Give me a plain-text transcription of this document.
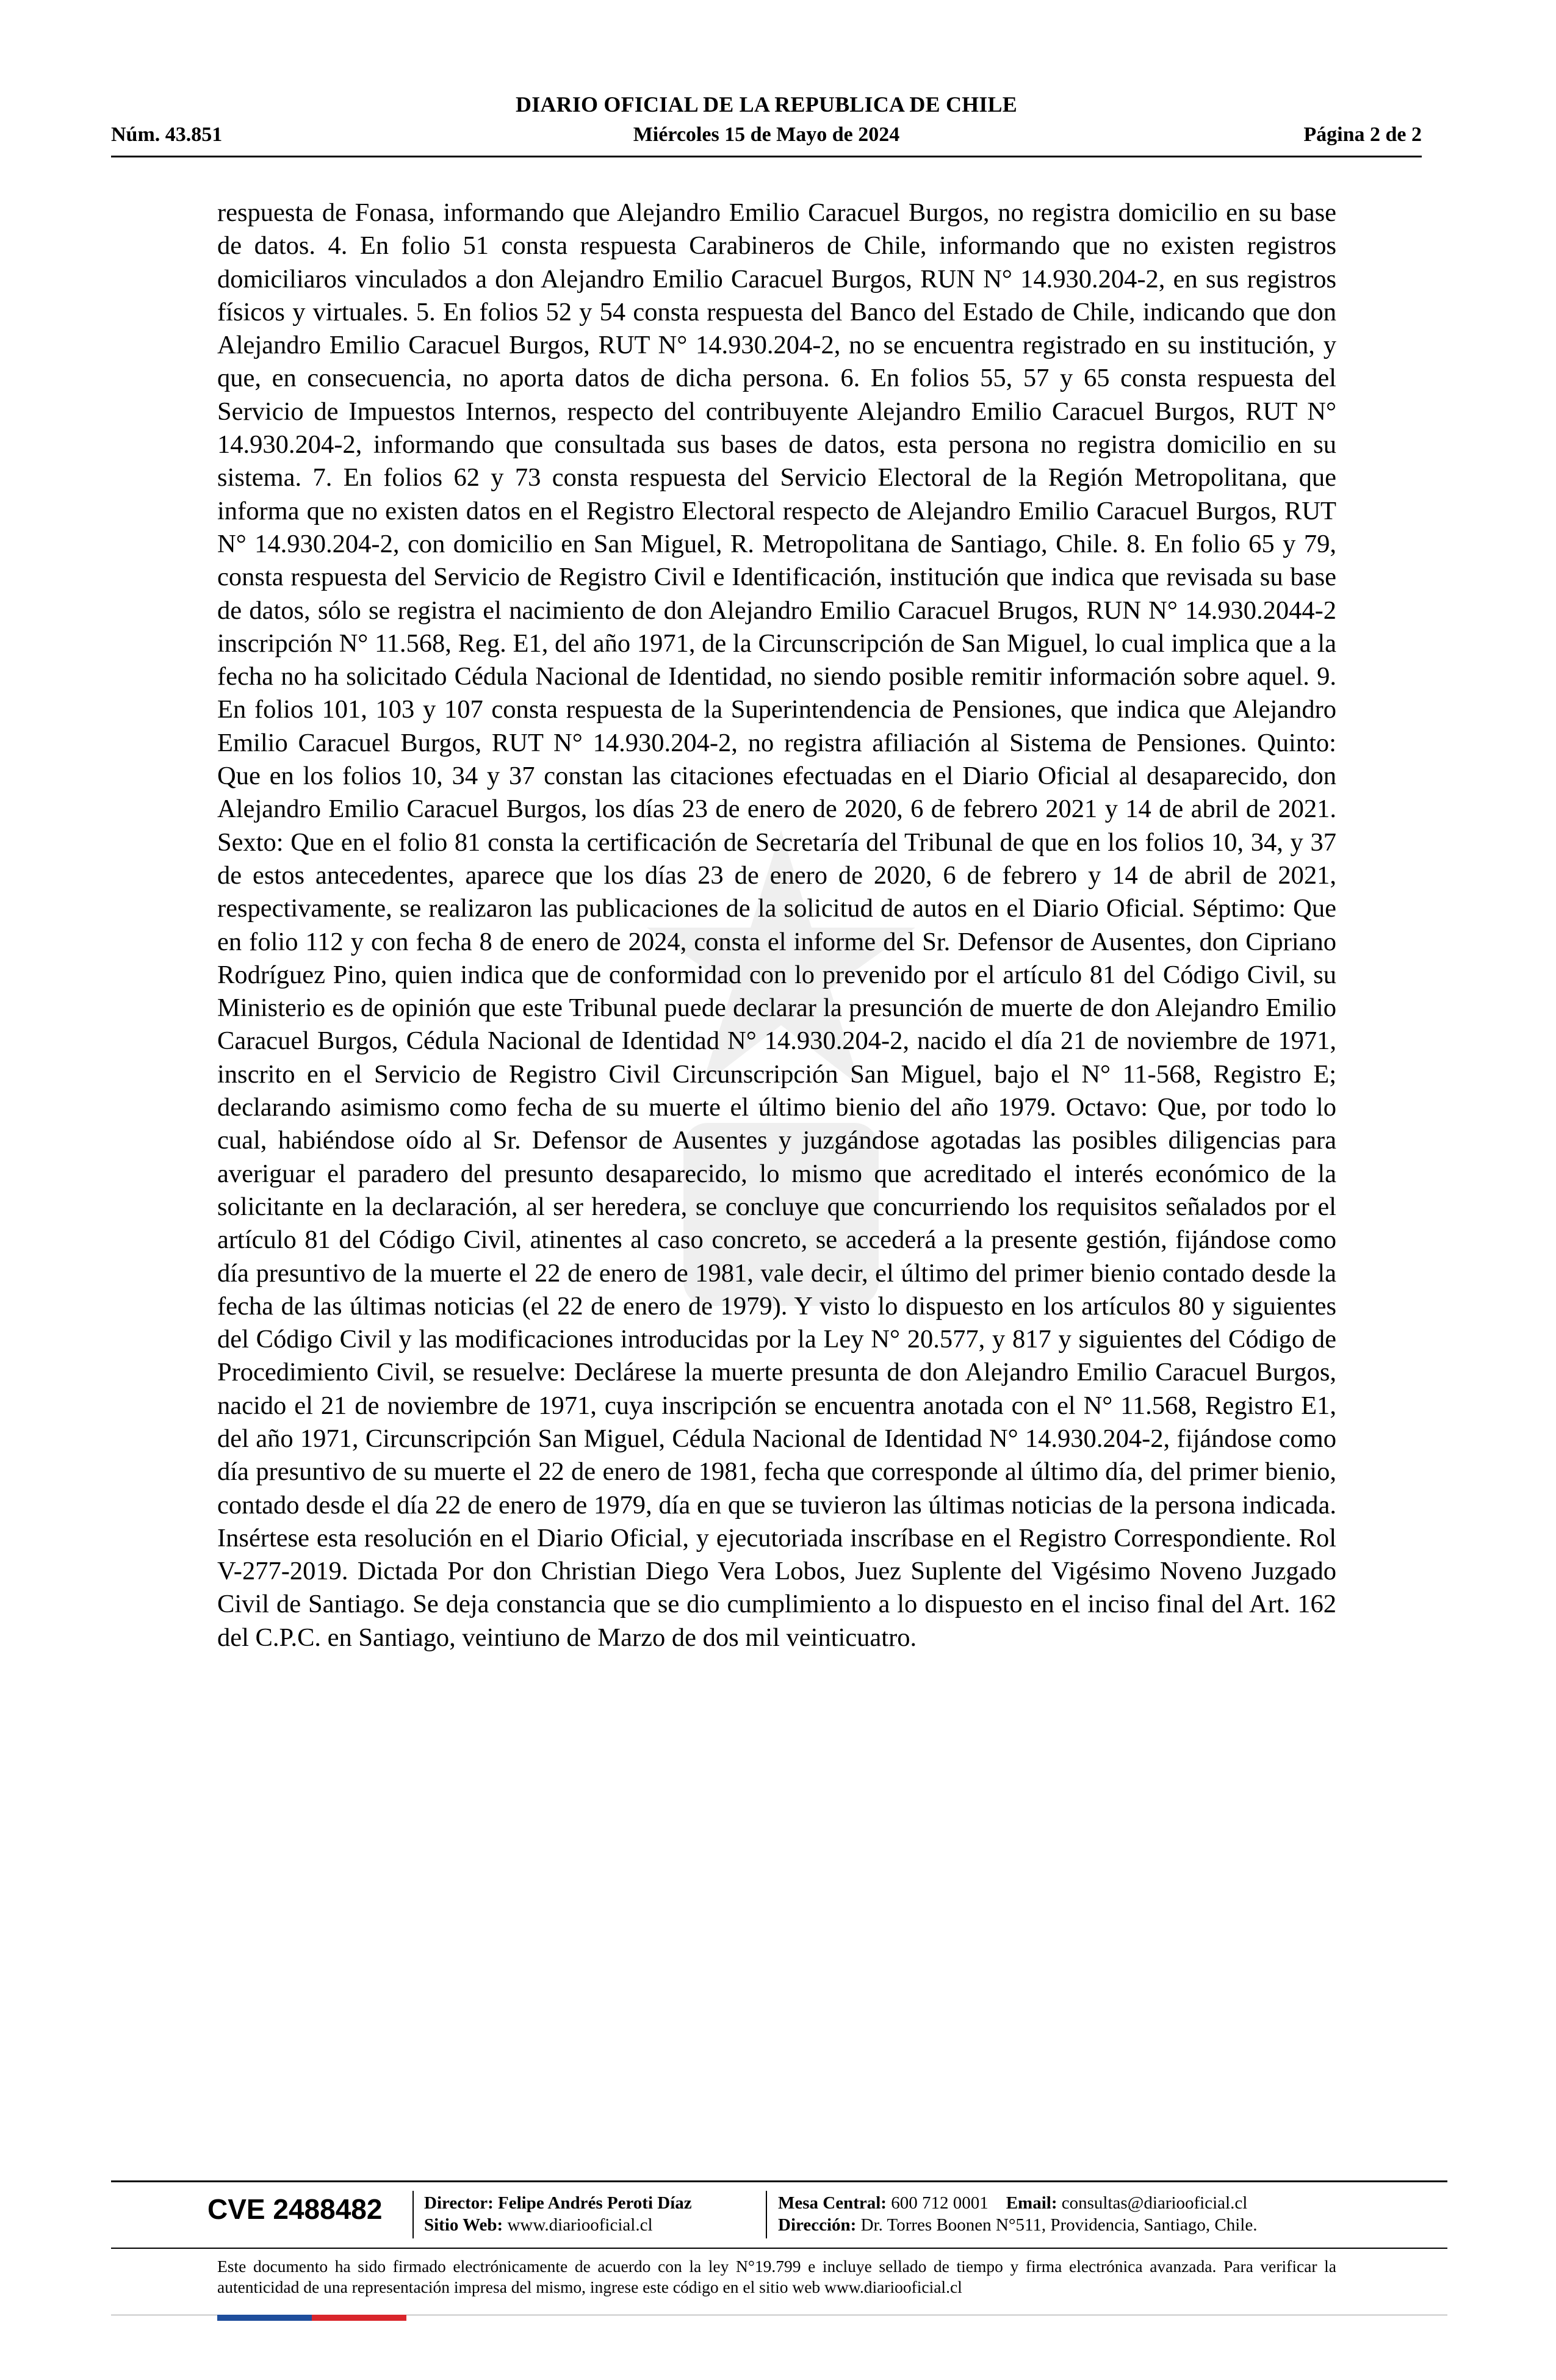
DIARIO OFICIAL DE LA REPUBLICA DE CHILE
Núm. 43.851	Miércoles 15 de Mayo de 2024	Página 2 de 2

respuesta de Fonasa, informando que Alejandro Emilio Caracuel Burgos, no registra domicilio en su base de datos. 4. En folio 51 consta respuesta Carabineros de Chile, informando que no existen registros domiciliaros vinculados a don Alejandro Emilio Caracuel Burgos, RUN N° 14.930.204-2, en sus registros físicos y virtuales. 5. En folios 52 y 54 consta respuesta del Banco del Estado de Chile, indicando que don Alejandro Emilio Caracuel Burgos, RUT N° 14.930.204-2, no se encuentra registrado en su institución, y que, en consecuencia, no aporta datos de dicha persona. 6. En folios 55, 57 y 65 consta respuesta del Servicio de Impuestos Internos, respecto del contribuyente Alejandro Emilio Caracuel Burgos, RUT N° 14.930.204-2, informando que consultada sus bases de datos, esta persona no registra domicilio en su sistema. 7. En folios 62 y 73 consta respuesta del Servicio Electoral de la Región Metropolitana, que informa que no existen datos en el Registro Electoral respecto de Alejandro Emilio Caracuel Burgos, RUT N° 14.930.204-2, con domicilio en San Miguel, R. Metropolitana de Santiago, Chile. 8. En folio 65 y 79, consta respuesta del Servicio de Registro Civil e Identificación, institución que indica que revisada su base de datos, sólo se registra el nacimiento de don Alejandro Emilio Caracuel Brugos, RUN N° 14.930.2044-2 inscripción N° 11.568, Reg. E1, del año 1971, de la Circunscripción de San Miguel, lo cual implica que a la fecha no ha solicitado Cédula Nacional de Identidad, no siendo posible remitir información sobre aquel. 9. En folios 101, 103 y 107 consta respuesta de la Superintendencia de Pensiones, que indica que Alejandro Emilio Caracuel Burgos, RUT N° 14.930.204-2, no registra afiliación al Sistema de Pensiones. Quinto: Que en los folios 10, 34 y 37 constan las citaciones efectuadas en el Diario Oficial al desaparecido, don Alejandro Emilio Caracuel Burgos, los días 23 de enero de 2020, 6 de febrero 2021 y 14 de abril de 2021. Sexto: Que en el folio 81 consta la certificación de Secretaría del Tribunal de que en los folios 10, 34, y 37 de estos antecedentes, aparece que los días 23 de enero de 2020, 6 de febrero y 14 de abril de 2021, respectivamente, se realizaron las publicaciones de la solicitud de autos en el Diario Oficial. Séptimo: Que en folio 112 y con fecha 8 de enero de 2024, consta el informe del Sr. Defensor de Ausentes, don Cipriano Rodríguez Pino, quien indica que de conformidad con lo prevenido por el artículo 81 del Código Civil, su Ministerio es de opinión que este Tribunal puede declarar la presunción de muerte de don Alejandro Emilio Caracuel Burgos, Cédula Nacional de Identidad N° 14.930.204-2, nacido el día 21 de noviembre de 1971, inscrito en el Servicio de Registro Civil Circunscripción San Miguel, bajo el N° 11-568, Registro E; declarando asimismo como fecha de su muerte el último bienio del año 1979. Octavo: Que, por todo lo cual, habiéndose oído al Sr. Defensor de Ausentes y juzgándose agotadas las posibles diligencias para averiguar el paradero del presunto desaparecido, lo mismo que acreditado el interés económico de la solicitante en la declaración, al ser heredera, se concluye que concurriendo los requisitos señalados por el artículo 81 del Código Civil, atinentes al caso concreto, se accederá a la presente gestión, fijándose como día presuntivo de la muerte el 22 de enero de 1981, vale decir, el último del primer bienio contado desde la fecha de las últimas noticias (el 22 de enero de 1979). Y visto lo dispuesto en los artículos 80 y siguientes del Código Civil y las modificaciones introducidas por la Ley N° 20.577, y 817 y siguientes del Código de Procedimiento Civil, se resuelve: Declárese la muerte presunta de don Alejandro Emilio Caracuel Burgos, nacido el 21 de noviembre de 1971, cuya inscripción se encuentra anotada con el N° 11.568, Registro E1, del año 1971, Circunscripción San Miguel, Cédula Nacional de Identidad N° 14.930.204-2, fijándose como día presuntivo de su muerte el 22 de enero de 1981, fecha que corresponde al último día, del primer bienio, contado desde el día 22 de enero de 1979, día en que se tuvieron las últimas noticias de la persona indicada. Insértese esta resolución en el Diario Oficial, y ejecutoriada inscríbase en el Registro Correspondiente. Rol V-277-2019. Dictada Por don Christian Diego Vera Lobos, Juez Suplente del Vigésimo Noveno Juzgado Civil de Santiago. Se deja constancia que se dio cumplimiento a lo dispuesto en el inciso final del Art. 162 del C.P.C. en Santiago, veintiuno de Marzo de dos mil veinticuatro.

CVE 2488482 Director: Felipe Andrés Peroti Díaz
Sitio Web: www.diariooficial.cl
Mesa Central: 600 712 0001 Email: consultas@diariooficial.cl
Dirección: Dr. Torres Boonen N°511, Providencia, Santiago, Chile.

Este documento ha sido firmado electrónicamente de acuerdo con la ley N°19.799 e incluye sellado de tiempo y firma electrónica avanzada. Para verificar la autenticidad de una representación impresa del mismo, ingrese este código en el sitio web www.diariooficial.cl
